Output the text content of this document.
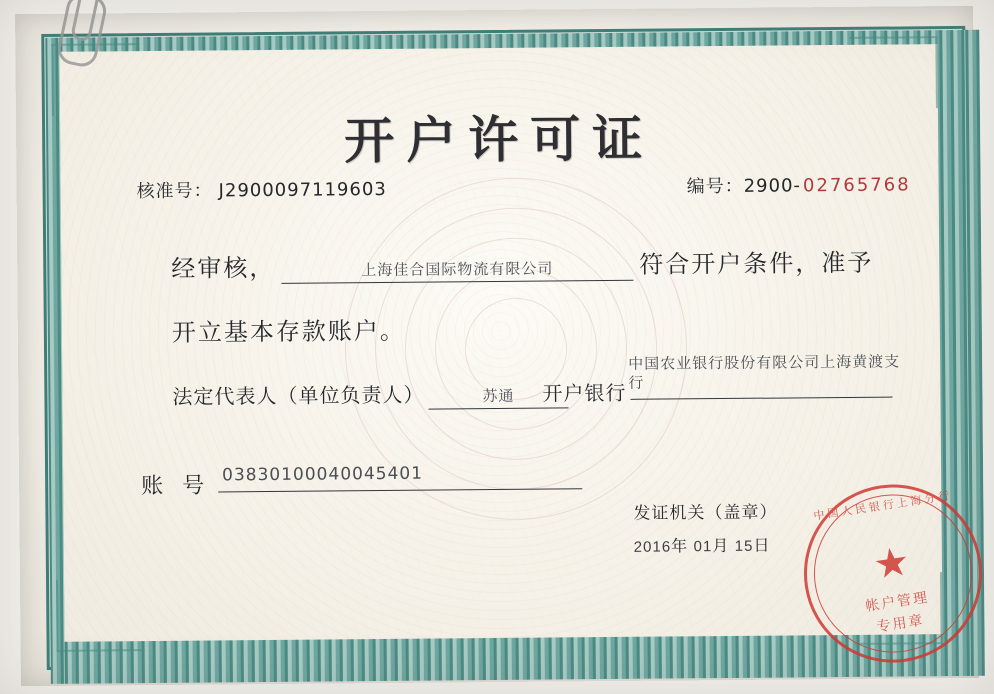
开户许可证
核准号： J2900097119603	编号：2900- 02765768
经审核，	上海佳合国际物流有限公司	符合开户条件，准予
开立基本存款账户。
法定代表人（单位负责人）	苏通	开户银行
中国农业银行股份有限公司上海黄渡支行
账 号 03830100040045401
发证机关（盖章）
2016年 01月 15日
中国人民银行上海分行
★
帐户管理
专用章
